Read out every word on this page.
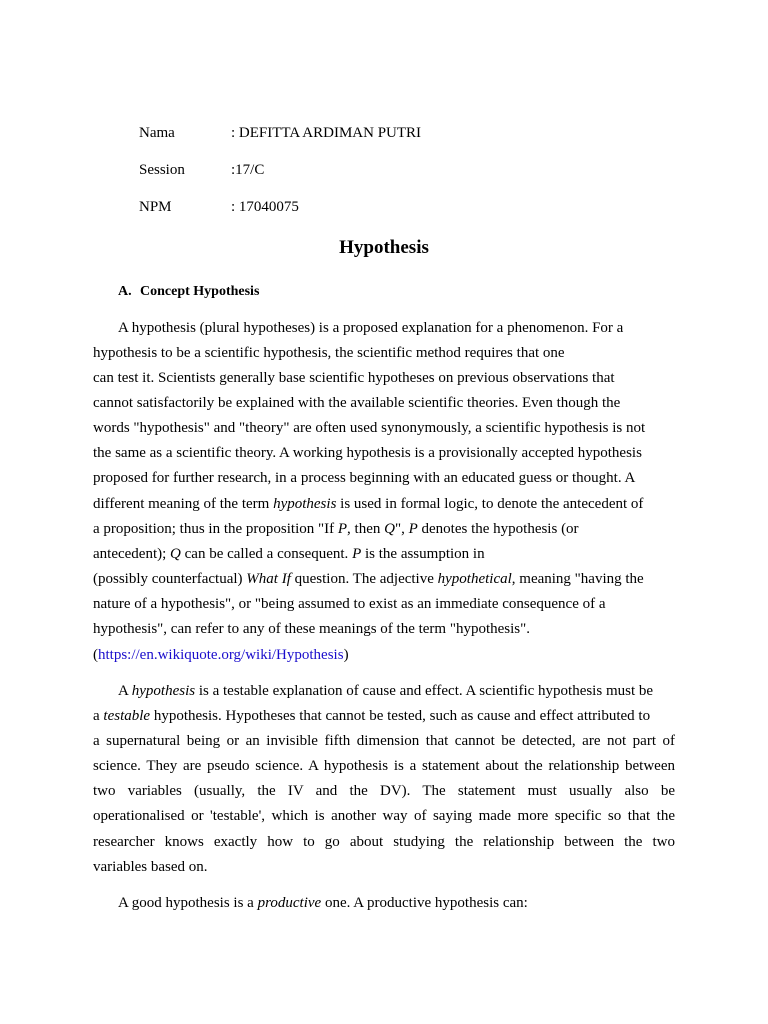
Nama	: DEFITTA ARDIMAN PUTRI
Session	:17/C
NPM	: 17040075
Hypothesis
A. Concept Hypothesis
A hypothesis (plural hypotheses) is a proposed explanation for a phenomenon. For a
hypothesis to be a scientific hypothesis, the scientific method requires that one
can test it. Scientists generally base scientific hypotheses on previous observations that
cannot satisfactorily be explained with the available scientific theories. Even though the
words "hypothesis" and "theory" are often used synonymously, a scientific hypothesis is not
the same as a scientific theory. A working hypothesis is a provisionally accepted hypothesis
proposed for further research, in a process beginning with an educated guess or thought. A
different meaning of the term hypothesis is used in formal logic, to denote the antecedent of
a proposition; thus in the proposition "If P, then Q", P denotes the hypothesis (or
antecedent); Q can be called a consequent. P is the assumption in
(possibly counterfactual) What If question. The adjective hypothetical, meaning "having the
nature of a hypothesis", or "being assumed to exist as an immediate consequence of a
hypothesis", can refer to any of these meanings of the term "hypothesis".
(https://en.wikiquote.org/wiki/Hypothesis)
A hypothesis is a testable explanation of cause and effect. A scientific hypothesis must be
a testable hypothesis. Hypotheses that cannot be tested, such as cause and effect attributed to
a supernatural being or an invisible fifth dimension that cannot be detected, are not part of
science. They are pseudo science. A hypothesis is a statement about the relationship between
two variables (usually, the IV and the DV). The statement must usually also be
operationalised or 'testable', which is another way of saying made more specific so that the
researcher knows exactly how to go about studying the relationship between the two
variables based on.
A good hypothesis is a productive one. A productive hypothesis can:
